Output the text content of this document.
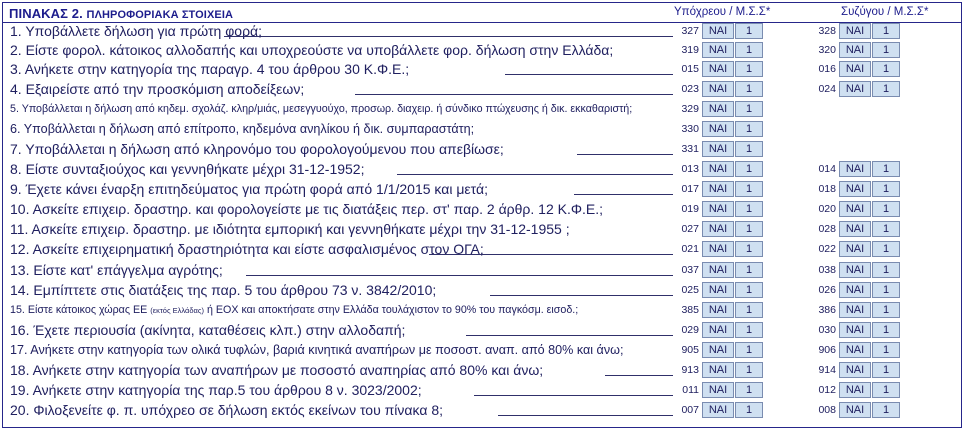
ΠΙΝΑΚΑΣ 2. ΠΛΗΡΟΦΟΡΙΑΚΑ ΣΤΟΙΧΕΙΑ	Υπόχρεου / Μ.Σ.Σ*	Συζύγου / Μ.Σ.Σ*
1. Υποβάλλετε δήλωση για πρώτη φορά;	327 ΝΑΙ	1	328 ΝΑΙ	1
2. Είστε φορολ. κάτοικος αλλοδαπής και υποχρεούστε να υποβάλλετε φορ. δήλωση στην Ελλάδα;	319 ΝΑΙ	1	320 ΝΑΙ	1
3. Ανήκετε στην κατηγορία της παραγρ. 4 του άρθρου 30 Κ.Φ.Ε.;	015 ΝΑΙ	1	016 ΝΑΙ	1
4. Εξαιρείστε από την προσκόμιση αποδείξεων;	023 ΝΑΙ	1	024 ΝΑΙ	1
5. Υποβάλλεται η δήλωση από κηδεμ. σχολάζ. κληρ/μιάς, μεσεγγυούχο, προσωρ. διαχειρ. ή σύνδικο πτώχευσης ή δικ. εκκαθαριστή;	329 ΝΑΙ	1
6. Υποβάλλεται η δήλωση από επίτροπο, κηδεμόνα ανηλίκου ή δικ. συμπαραστάτη;	330 ΝΑΙ	1
7. Υποβάλλεται η δήλωση από κληρονόμο του φορολογούμενου που απεβίωσε;	331 ΝΑΙ	1
8. Είστε συνταξιούχος και γεννηθήκατε μέχρι 31-12-1952;	013 ΝΑΙ	1	014 ΝΑΙ	1
9. Έχετε κάνει έναρξη επιτηδεύματος για πρώτη φορά από 1/1/2015 και μετά;	017 ΝΑΙ	1	018 ΝΑΙ	1
10. Ασκείτε επιχειρ. δραστηρ. και φορολογείστε με τις διατάξεις περ. στ' παρ. 2 άρθρ. 12 Κ.Φ.Ε.;	019 ΝΑΙ	1	020 ΝΑΙ	1
11. Ασκείτε επιχειρ. δραστηρ. με ιδιότητα εμπορική και γεννηθήκατε μέχρι την 31-12-1955 ;	027 ΝΑΙ	1	028 ΝΑΙ	1
12. Ασκείτε επιχειρηματική δραστηριότητα και είστε ασφαλισμένος στον ΟΓΑ;	021 ΝΑΙ	1	022 ΝΑΙ	1
13. Είστε κατ' επάγγελμα αγρότης;	037 ΝΑΙ	1	038 ΝΑΙ	1
14. Εμπίπτετε στις διατάξεις της παρ. 5 του άρθρου 73 ν. 3842/2010;	025 ΝΑΙ	1	026 ΝΑΙ	1
15. Είστε κάτοικος χώρας ΕΕ (εκτός Ελλάδας) ή ΕΟΧ και αποκτήσατε στην Ελλάδα τουλάχιστον το 90% του παγκόσμ. εισοδ.;	385 ΝΑΙ	1	386 ΝΑΙ	1
16. Έχετε περιουσία (ακίνητα, καταθέσεις κλπ.) στην αλλοδαπή;	029 ΝΑΙ	1	030 ΝΑΙ	1
17. Ανήκετε στην κατηγορία των ολικά τυφλών, βαριά κινητικά αναπήρων με ποσοστ. αναπ. από 80% και άνω;	905 ΝΑΙ	1	906 ΝΑΙ	1
18. Ανήκετε στην κατηγορία των αναπήρων με ποσοστό αναπηρίας από 80% και άνω;	913 ΝΑΙ	1	914 ΝΑΙ	1
19. Ανήκετε στην κατηγορία της παρ.5 του άρθρου 8 ν. 3023/2002;	011 ΝΑΙ	1	012 ΝΑΙ	1
20. Φιλοξενείτε φ. π. υπόχρεο σε δήλωση εκτός εκείνων του πίνακα 8;	007 ΝΑΙ	1	008 ΝΑΙ	1
